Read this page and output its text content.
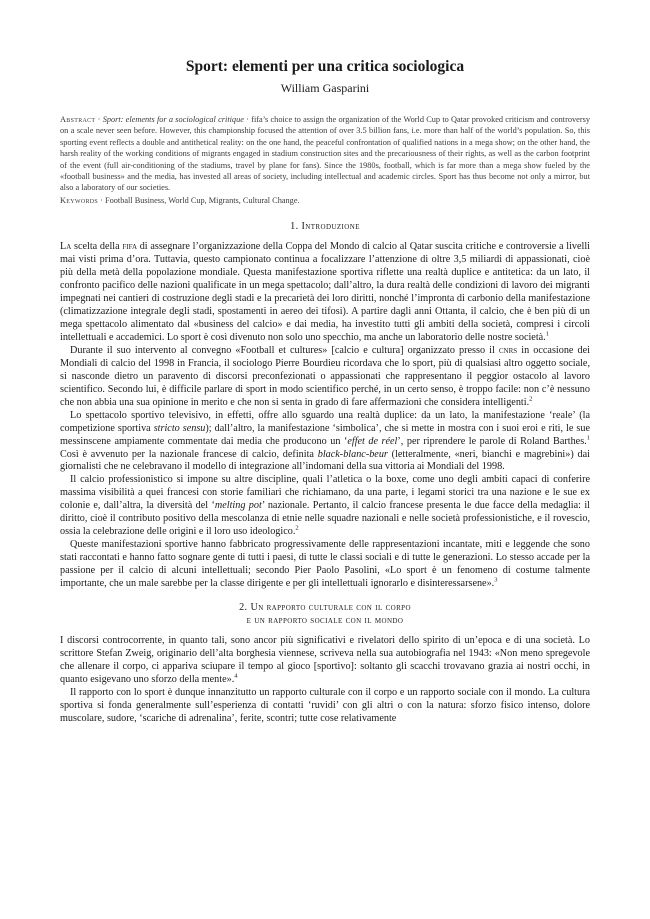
Sport: elementi per una critica sociologica
William Gasparini
Abstract · Sport: elements for a sociological critique · fifa’s choice to assign the organization of the World Cup to Qatar provoked criticism and controversy on a scale never seen before. However, this championship focused the attention of over 3.5 billion fans, i.e. more than half of the world’s population. So, this sporting event reflects a double and antithetical reality: on the one hand, the peaceful confrontation of qualified nations in a mega show; on the other hand, the harsh reality of the working conditions of migrants engaged in stadium construction sites and the precariousness of their rights, as well as the carbon footprint of the event (full air-conditioning of the stadiums, travel by plane for fans). Since the 1980s, football, which is far more than a mega show fueled by the «football business» and the media, has invested all areas of society, including intellectual and academic circles. Sport has thus become not only a mirror, but also a laboratory of our societies.
Keywords · Football Business, World Cup, Migrants, Cultural Change.
1. Introduzione

La scelta della fifa di assegnare l’organizzazione della Coppa del Mondo di calcio al Qatar suscita critiche e controversie a livelli mai visti prima d’ora. Tuttavia, questo campionato continua a focalizzare l’attenzione di oltre 3,5 miliardi di appassionati, cioè più della metà della popolazione mondiale. Questa manifestazione sportiva riflette una realtà duplice e antitetica: da un lato, il confronto pacifico delle nazioni qualificate in un mega spettacolo; dall’altro, la dura realtà delle condizioni di lavoro dei migranti impegnati nei cantieri di costruzione degli stadi e la precarietà dei loro diritti, nonché l’impronta di carbonio della manifestazione (climatizzazione integrale degli stadi, spostamenti in aereo dei tifosi). A partire dagli anni Ottanta, il calcio, che è ben più di un mega spettacolo alimentato dal «business del calcio» e dai media, ha investito tutti gli ambiti della società, compresi i circoli intellettuali e accademici. Lo sport è così divenuto non solo uno specchio, ma anche un laboratorio delle nostre società.$^1$

Durante il suo intervento al convegno «Football et cultures» [calcio e cultura] organizzato presso il cnrs in occasione dei Mondiali di calcio del 1998 in Francia, il sociologo Pierre Bourdieu ricordava che lo sport, più di qualsiasi altro oggetto sociale, si nasconde dietro un paravento di discorsi preconfezionati o appassionati che rappresentano il peggior ostacolo al lavoro scientifico. Secondo lui, è difficile parlare di sport in modo scientifico perché, in un certo senso, è troppo facile: non c’è nessuno che non abbia una sua opinione in merito e che non si senta in grado di fare affermazioni che considera intelligenti.$^2$

Lo spettacolo sportivo televisivo, in effetti, offre allo sguardo una realtà duplice: da un lato, la manifestazione ‘reale’ (la competizione sportiva stricto sensu); dall’altro, la manifestazione ‘simbolica’, che si mette in mostra con i suoi eroi e riti, le sue messinscene ampiamente commentate dai media che producono un ‘effet de réel’, per riprendere le parole di Roland Barthes.$^1$ Così è avvenuto per la nazionale francese di calcio, definita black-blanc-beur (letteralmente, «neri, bianchi e magrebini») dai giornalisti che ne celebravano il modello di integrazione all’indomani della sua vittoria ai Mondiali del 1998.

Il calcio professionistico si impone su altre discipline, quali l’atletica o la boxe, come uno degli ambiti capaci di conferire massima visibilità a quei francesi con storie familiari che richiamano, da una parte, i legami storici tra una nazione e le sue ex colonie e, dall’altra, la diversità del ‘melting pot’ nazionale. Pertanto, il calcio francese presenta le due facce della medaglia: il diritto, cioè il contributo positivo della mescolanza di etnie nelle squadre nazionali e nelle società professionistiche, e il rovescio, ossia la celebrazione delle origini e il loro uso ideologico.$^2$

Queste manifestazioni sportive hanno fabbricato progressivamente delle rappresentazioni incantate, miti e leggende che sono stati raccontati e hanno fatto sognare gente di tutti i paesi, di tutte le classi sociali e di tutte le generazioni. Lo stesso accade per la passione per il calcio di alcuni intellettuali; secondo Pier Paolo Pasolini, «Lo sport è un fenomeno di costume talmente importante, che un male sarebbe per la classe dirigente e per gli intellettuali ignorarlo e disinteressarsene».$^3$

2. Un rapporto culturale con il corpo
e un rapporto sociale con il mondo

I discorsi controcorrente, in quanto tali, sono ancor più significativi e rivelatori dello spirito di un’epoca e di una società. Lo scrittore Stefan Zweig, originario dell’alta borghesia viennese, scriveva nella sua autobiografia nel 1943: «Non meno spregevole che allenare il corpo, ci appariva sciupare il tempo al gioco [sportivo]: soltanto gli scacchi trovavano grazia ai nostri occhi, in quanto esigevano uno sforzo della mente».$^4$

Il rapporto con lo sport è dunque innanzitutto un rapporto culturale con il corpo e un rapporto sociale con il mondo. La cultura sportiva si fonda generalmente sull’esperienza di contatti ‘ruvidi’ con gli altri o con la natura: sforzo fisico intenso, dolore muscolare, sudore, ‘scariche di adrenalina’, ferite, scontri; tutte cose relativamente
